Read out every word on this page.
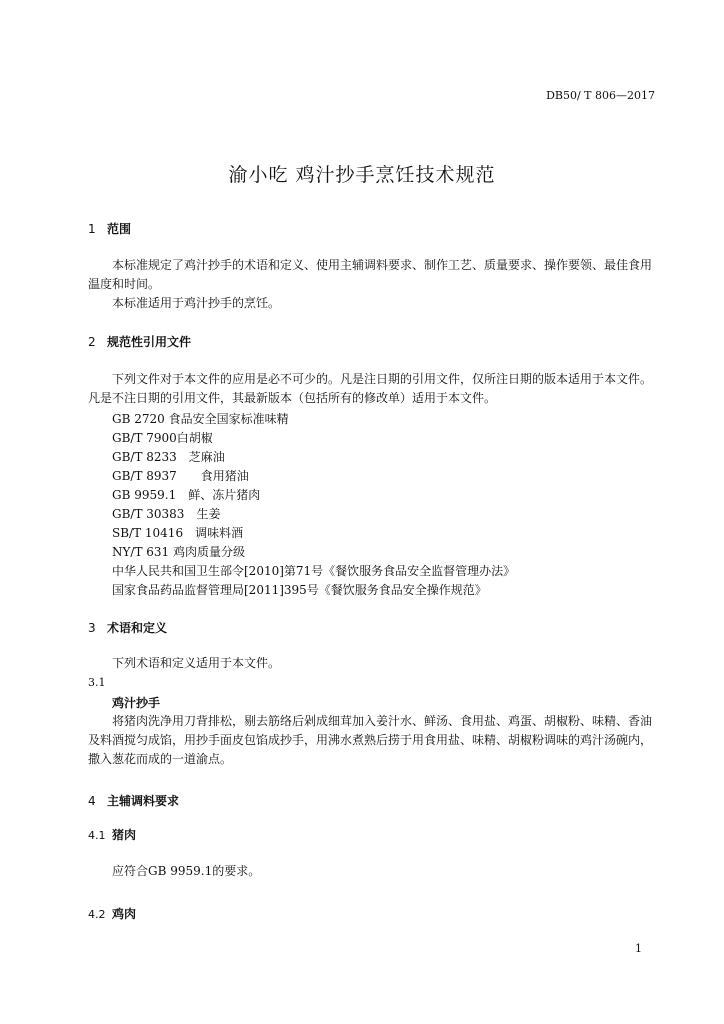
DB50/ T 806—2017
渝小吃 鸡汁抄手烹饪技术规范
1 范围
本标准规定了鸡汁抄手的术语和定义、使用主辅调料要求、制作工艺、质量要求、操作要领、最佳食用温度和时间。
本标准适用于鸡汁抄手的烹饪。
2 规范性引用文件
下列文件对于本文件的应用是必不可少的。凡是注日期的引用文件，仅所注日期的版本适用于本文件。凡是不注日期的引用文件，其最新版本（包括所有的修改单）适用于本文件。
GB 2720 食品安全国家标准味精
GB/T 7900白胡椒
GB/T 8233　芝麻油
GB/T 8937　　食用猪油
GB 9959.1　鲜、冻片猪肉
GB/T 30383　生姜
SB/T 10416　调味料酒
NY/T 631 鸡肉质量分级
中华人民共和国卫生部令[2010]第71号《餐饮服务食品安全监督管理办法》
国家食品药品监督管理局[2011]395号《餐饮服务食品安全操作规范》
3 术语和定义
下列术语和定义适用于本文件。
3.1
鸡汁抄手
将猪肉洗净用刀背排松，剔去筋络后剁成细茸加入姜汁水、鲜汤、食用盐、鸡蛋、胡椒粉、味精、香油及料酒搅匀成馅，用抄手面皮包馅成抄手，用沸水煮熟后捞于用食用盐、味精、胡椒粉调味的鸡汁汤碗内，撒入葱花而成的一道渝点。
4 主辅调料要求
4.1 猪肉
应符合GB 9959.1的要求。
4.2 鸡肉
1
